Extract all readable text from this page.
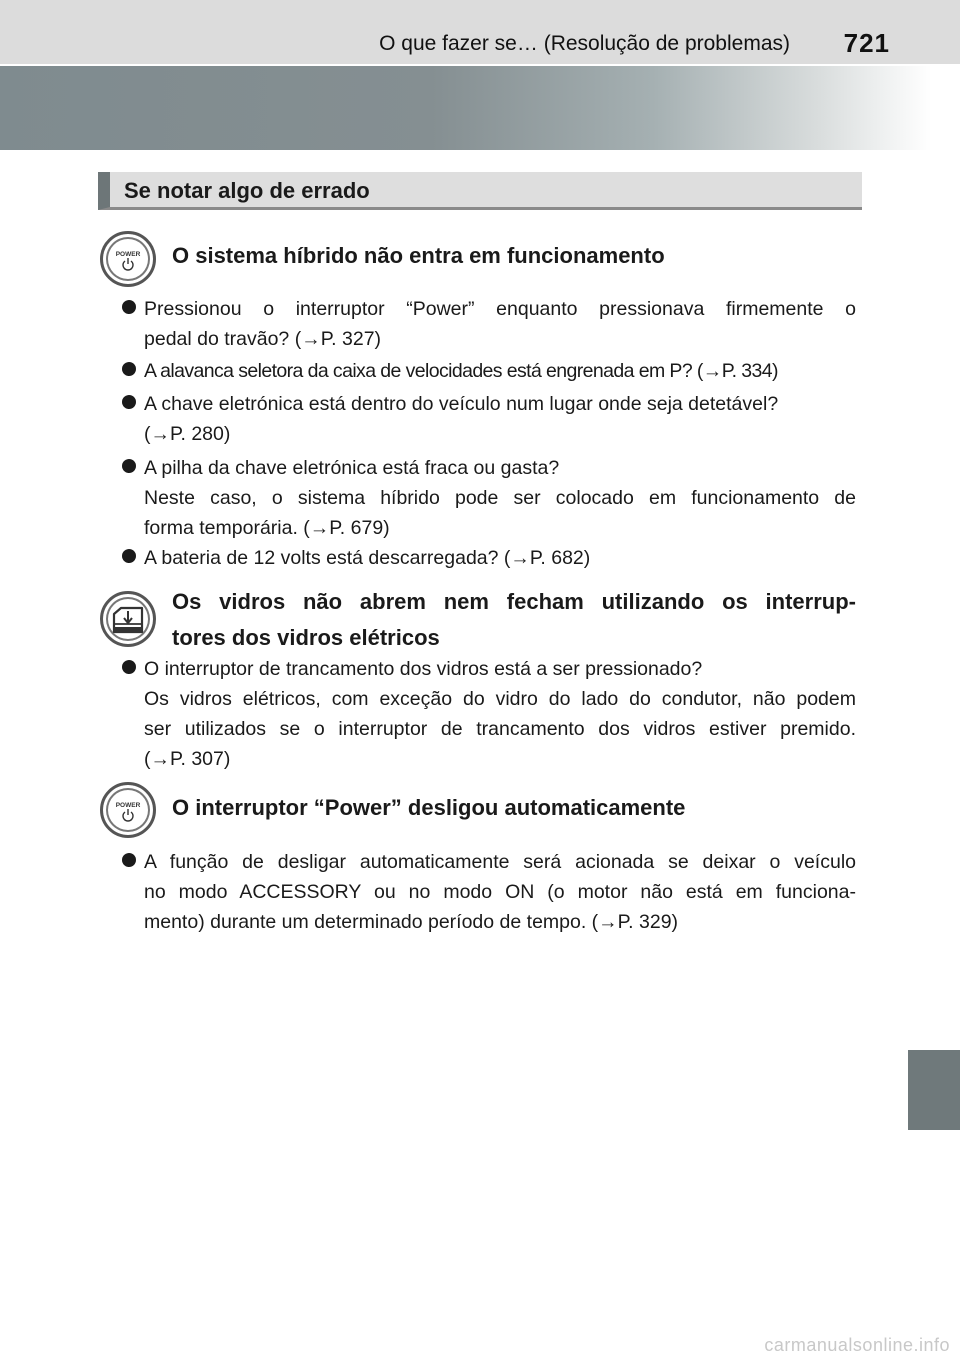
O que fazer se… (Resolução de problemas) 721
Se notar algo de errado
POWER O sistema híbrido não entra em funcionamento
Pressionou o interruptor “Power” enquanto pressionava firmemente o
pedal do travão? (→P. 327)
A alavanca seletora da caixa de velocidades está engrenada em P? (→P. 334)
A chave eletrónica está dentro do veículo num lugar onde seja detetável?
(→P. 280)
A pilha da chave eletrónica está fraca ou gasta?
Neste caso, o sistema híbrido pode ser colocado em funcionamento de
forma temporária. (→P. 679)
A bateria de 12 volts está descarregada? (→P. 682)
Os vidros não abrem nem fecham utilizando os interrup-
tores dos vidros elétricos
O interruptor de trancamento dos vidros está a ser pressionado?
Os vidros elétricos, com exceção do vidro do lado do condutor, não podem
ser utilizados se o interruptor de trancamento dos vidros estiver premido.
(→P. 307)
POWER O interruptor “Power” desligou automaticamente
A função de desligar automaticamente será acionada se deixar o veículo
no modo ACCESSORY ou no modo ON (o motor não está em funciona-
mento) durante um determinado período de tempo. (→P. 329)
carmanualsonline.info
